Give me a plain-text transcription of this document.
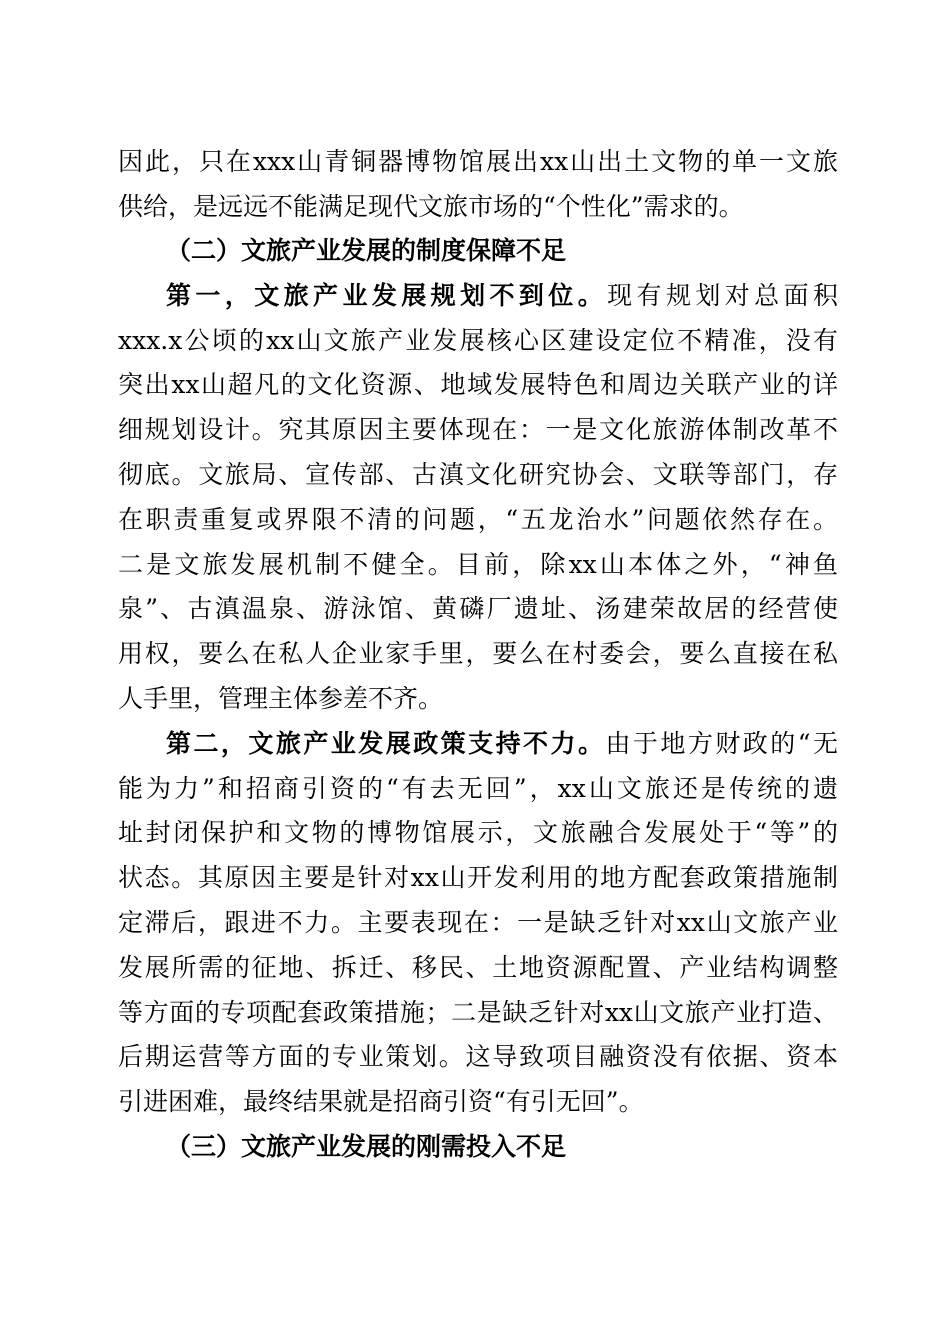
因此，只在xxx山青铜器博物馆展出xx山出土文物的单一文旅
供给，是远远不能满足现代文旅市场的“个性化”需求的。
（二）文旅产业发展的制度保障不足
第一，文旅产业发展规划不到位。现有规划对总面积
xxx.x公顷的xx山文旅产业发展核心区建设定位不精准，没有
突出xx山超凡的文化资源、地域发展特色和周边关联产业的详
细规划设计。究其原因主要体现在：一是文化旅游体制改革不
彻底。文旅局、宣传部、古滇文化研究协会、文联等部门，存
在职责重复或界限不清的问题，“五龙治水”问题依然存在。
二是文旅发展机制不健全。目前，除xx山本体之外，“神鱼
泉”、古滇温泉、游泳馆、黄磷厂遗址、汤建荣故居的经营使
用权，要么在私人企业家手里，要么在村委会，要么直接在私
人手里，管理主体参差不齐。
第二，文旅产业发展政策支持不力。由于地方财政的“无
能为力”和招商引资的“有去无回”，xx山文旅还是传统的遗
址封闭保护和文物的博物馆展示，文旅融合发展处于“等”的
状态。其原因主要是针对xx山开发利用的地方配套政策措施制
定滞后，跟进不力。主要表现在：一是缺乏针对xx山文旅产业
发展所需的征地、拆迁、移民、土地资源配置、产业结构调整
等方面的专项配套政策措施；二是缺乏针对xx山文旅产业打造、
后期运营等方面的专业策划。这导致项目融资没有依据、资本
引进困难，最终结果就是招商引资“有引无回”。
（三）文旅产业发展的刚需投入不足
